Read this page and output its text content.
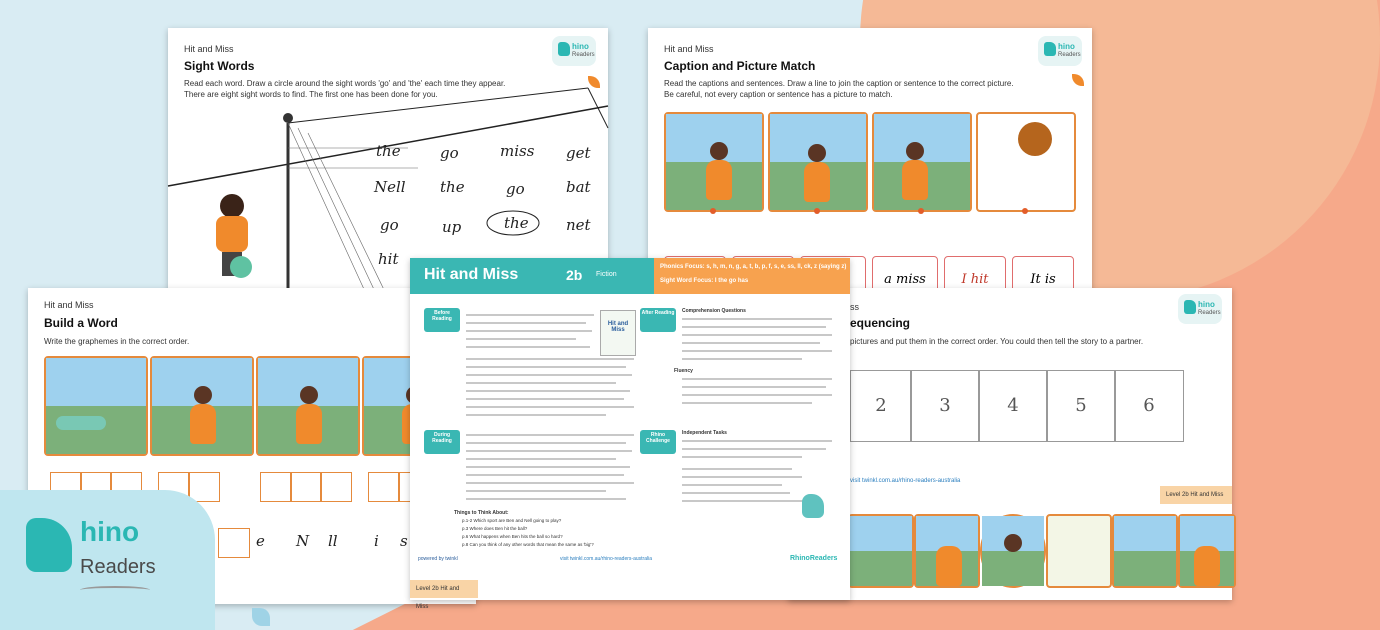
Hit and Miss
Sight Words
Read each word. Draw a circle around the sight words 'go' and 'the' each time they appear.
There are eight sight words to find. The first one has been done for you.
hino
Readers
the	go	miss get
Nell the	go	bat
go	up	the net
hit
Hit and Miss
Caption and Picture Match
Read the captions and sentences. Draw a line to join the caption or sentence to the correct picture.
Be careful, not every caption or sentence has a picture to match.
hino
Readers
a miss	I hit	It is
Hit and Miss
Build a Word
Write the graphemes in the correct order.
e N ll i s
ss
equencing
pictures and put them in the correct order. You could then tell the story to a partner.
hino
Readers
2	3	4	5	6
visit twinkl.com.au/rhino-readers-australia
Level 2b Hit and Miss
Hit and Miss	2b Fiction
Phonics Focus: s, h, m, n, g, a, t, b, p, f, s, e, ss, ll, ck, z (saying z)
Sight Word Focus: I the go has
Before Reading
During Reading
After Reading
Rhino Challenge
Hit and Miss
Things to Think About:
p.1-2 Which sport are Ben and Nell going to play?
p.3 Where does Ben hit the ball?
p.6 What happens when Ben hits the ball so hard?
p.8 Can you think of any other words that mean the same as 'big'?
Comprehension Questions
Fluency
Independent Tasks
powered by twinkl	visit twinkl.com.au/rhino-readers-australia	RhinoReaders
Level 2b Hit and Miss
hino
Readers
